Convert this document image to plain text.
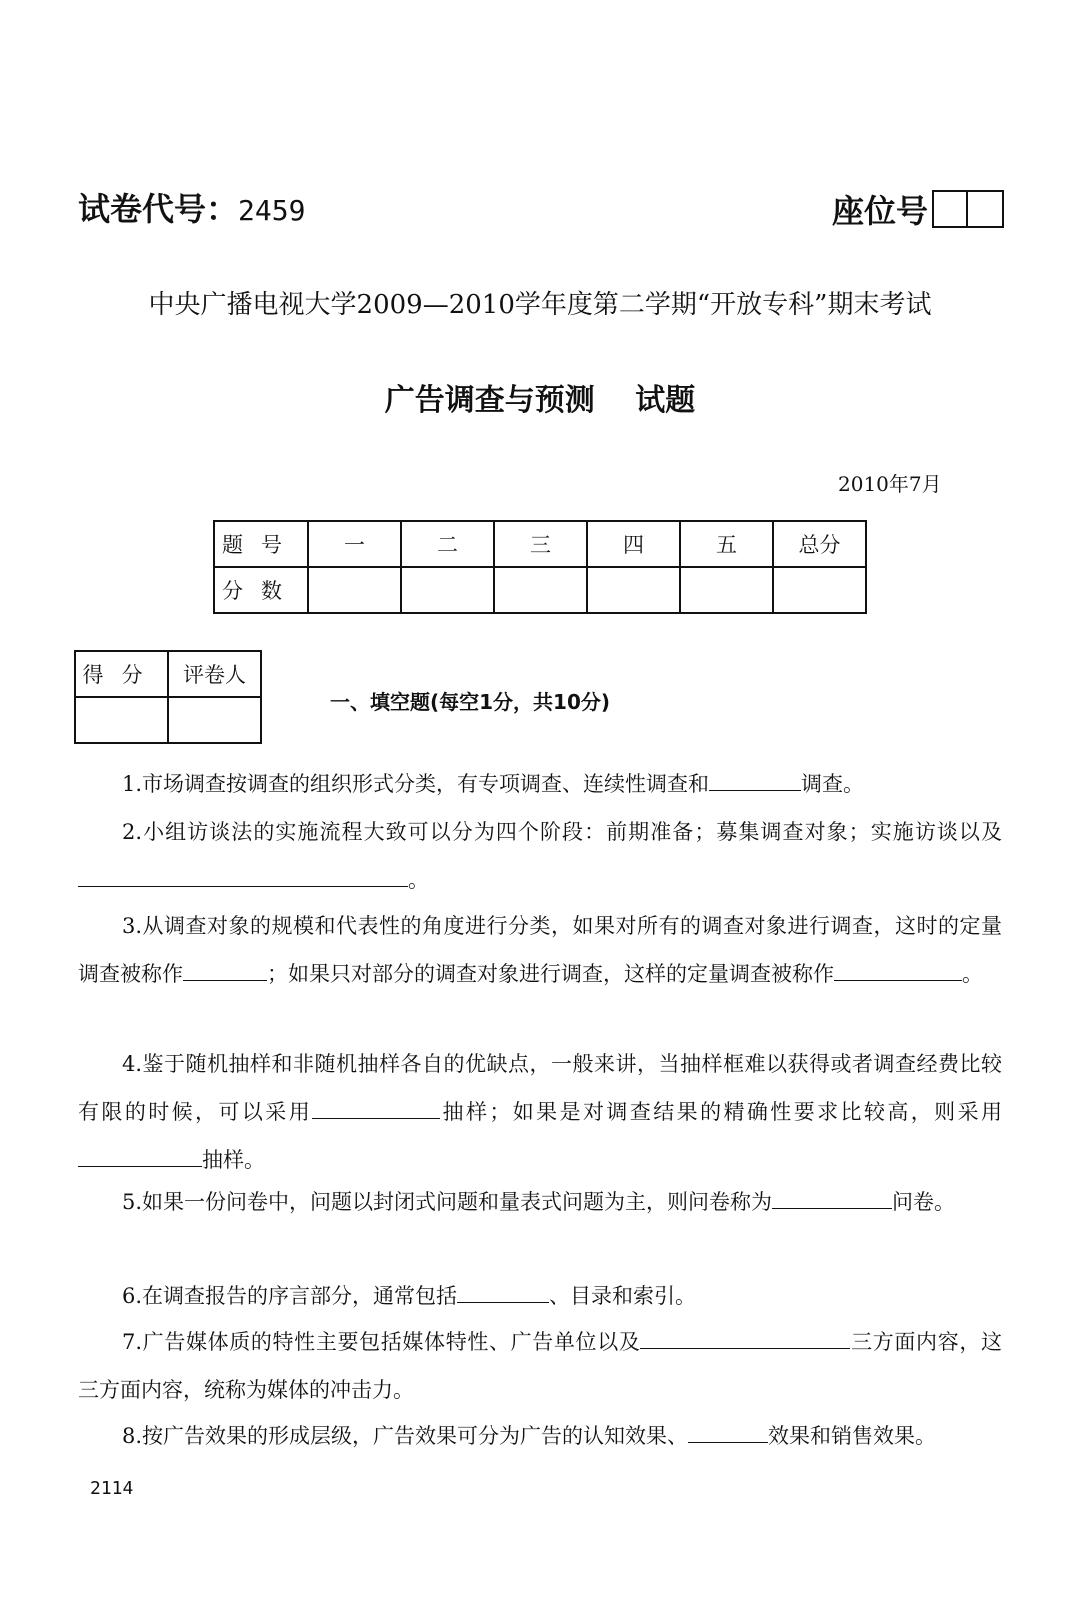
试卷代号：2459	座位号
中央广播电视大学2009—2010学年度第二学期“开放专科”期末考试
广告调查与预测 试题
2010年7月
题号	一	二	三	四	五	总分
分数						
得分	评卷人

一、填空题(每空1分，共10分)
1.市场调查按调查的组织形式分类，有专项调查、连续性调查和	调查。
2.小组访谈法的实施流程大致可以分为四个阶段：前期准备；募集调查对象；实施访谈以及。
3.从调查对象的规模和代表性的角度进行分类，如果对所有的调查对象进行调查，这时的定量调查被称作	；如果只对部分的调查对象进行调查，这样的定量调查被称作	。
4.鉴于随机抽样和非随机抽样各自的优缺点，一般来讲，当抽样框难以获得或者调查经费比较有限的时候，可以采用	抽样；如果是对调查结果的精确性要求比较高，则采用抽样。
5.如果一份问卷中，问题以封闭式问题和量表式问题为主，则问卷称为	问卷。
6.在调查报告的序言部分，通常包括	、目录和索引。
7.广告媒体质的特性主要包括媒体特性、广告单位以及	三方面内容，这三方面内容，统称为媒体的冲击力。
8.按广告效果的形成层级，广告效果可分为广告的认知效果、	效果和销售效果。
2114
